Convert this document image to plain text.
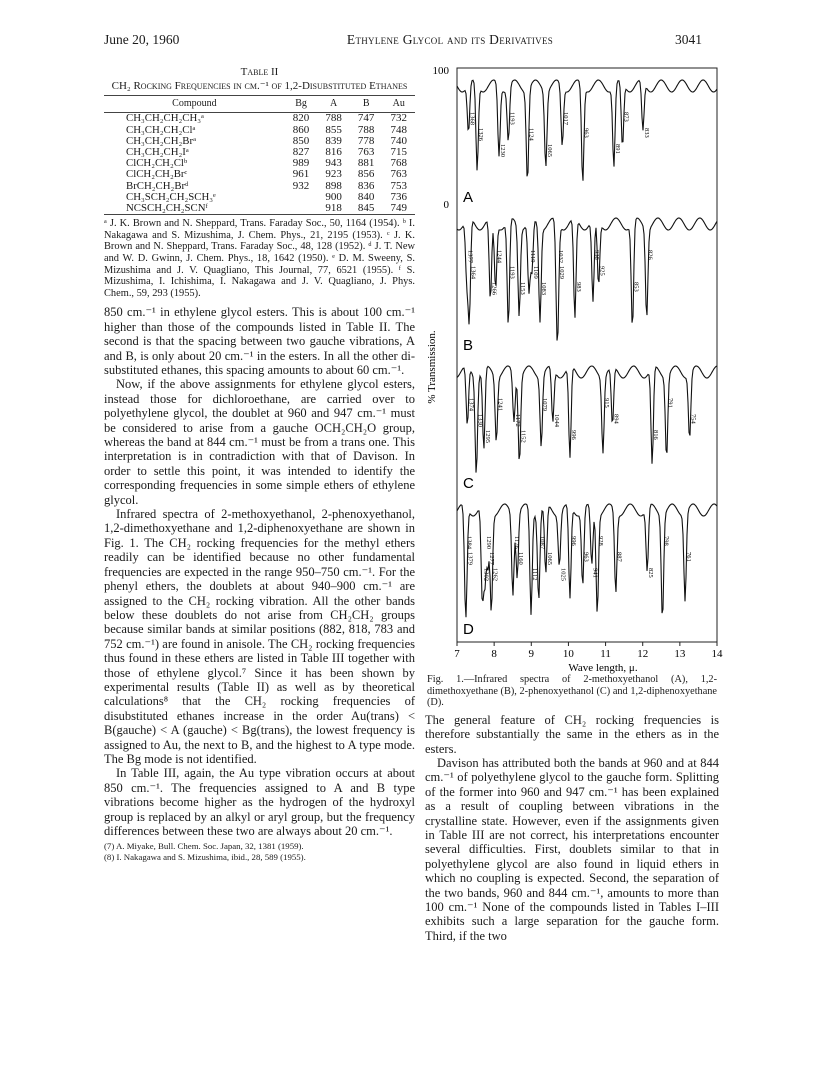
June 20, 1960	Ethylene Glycol and its Derivatives	3041
Table II
CH₂ Rocking Frequencies in cm.⁻¹ of 1,2-Disubstituted Ethanes
Compound	Bg	A	B	Au
CH₃CH₂CH₂CH₃ᵃ	820	788	747	732
CH₃CH₂CH₂Clᵃ	860	855	788	748
CH₃CH₂CH₂Brᵃ	850	839	778	740
CH₃CH₂CH₂Iᵃ	827	816	763	715
ClCH₂CH₂Clᵇ	989	943	881	768
ClCH₂CH₂Brᶜ	961	923	856	763
BrCH₂CH₂Brᵈ	932	898	836	753
CH₃SCH₂CH₂SCH₃ᵉ		900	840	736
NCSCH₂CH₂SCNᶠ		918	845	749
ᵃ J. K. Brown and N. Sheppard, Trans. Faraday Soc., 50, 1164 (1954). ᵇ I. Nakagawa and S. Mizushima, J. Chem. Phys., 21, 2195 (1953). ᶜ J. K. Brown and N. Sheppard, Trans. Faraday Soc., 48, 128 (1952). ᵈ J. T. New and W. D. Gwinn, J. Chem. Phys., 18, 1642 (1950). ᵉ D. M. Sweeny, S. Mizushima and J. V. Quagliano, This Journal, 77, 6521 (1955). ᶠ S. Mizushima, I. Ichishima, I. Nakagawa and J. V. Quagliano, J. Phys. Chem., 59, 293 (1955).

850 cm.⁻¹ in ethylene glycol esters. This is about 100 cm.⁻¹ higher than those of the compounds listed in Table II. The second is that the spacing between two gauche vibrations, A and B, is only about 20 cm.⁻¹ in the esters. In all the other di-substituted ethanes, this spacing amounts to about 60 cm.⁻¹.

Now, if the above assignments for ethylene glycol esters, instead those for dichloroethane, are carried over to polyethylene glycol, the doublet at 960 and 947 cm.⁻¹ must be considered to arise from a gauche OCH₂CH₂O group, whereas the band at 844 cm.⁻¹ must be from a trans one. This interpretation is in contradiction with that of Davison. In order to settle this point, it was intended to identify the corresponding frequencies in some simple ethers of ethylene glycol.

Infrared spectra of 2-methoxyethanol, 2-phenoxyethanol, 1,2-dimethoxyethane and 1,2-diphenoxyethane are shown in Fig. 1. The CH₂ rocking frequencies for the methyl ethers readily can be identified because no other fundamental frequencies are expected in the range 950–750 cm.⁻¹. For the phenyl ethers, the doublets at about 940–900 cm.⁻¹ are assigned to the CH₂ rocking vibration. All the other bands below these doublets do not arise from CH₂CH₂ groups because similar bands at similar positions (882, 818, 783 and 752 cm.⁻¹) are found in anisole. The CH₂ rocking frequencies thus found in these ethers are listed in Table III together with those of ethylene glycol.⁷ Since it has been shown by experimental results (Table II) as well as by theoretical calculations⁸ that the CH₂ rocking frequencies of disubstituted ethanes increase in the order Au(trans) < B(gauche) < A (gauche) < Bg(trans), the lowest frequency is assigned to Au, the next to B, and the highest to A type mode. The Bg mode is not identified.

In Table III, again, the Au type vibration occurs at about 850 cm.⁻¹. The frequencies assigned to A and B type vibrations become higher as the hydrogen of the hydroxyl group is replaced by an alkyl or aryl group, but the frequency differences between these two are always about 20 cm.⁻¹.

(7) A. Miyake, Bull. Chem. Soc. Japan, 32, 1381 (1959).
(8) I. Nakagawa and S. Mizushima, ibid., 28, 589 (1955).
100
0
% Transmission.
1368
1326
1230
1193
1124
1065
1017
963
891
873
833
A
1377
1364
1266
1244
1193
1153
1119
1109
1083
1032
1029
983
938
925
853
826
B
1374
1330
1295
1241
1172
1152
1079
1044
996
915
894
816
791
754
C
1384
1379
1302
1290
1277
1262
1176
1160
1112
1087
1065
1025
996
963
941
928
887
825
798
761
D
7	8	9	10 11 12 13 14
Wave length, μ.
Fig. 1.—Infrared spectra of 2-methoxyethanol (A), 1,2-dimethoxyethane (B), 2-phenoxyethanol (C) and 1,2-diphenoxyethane (D).

The general feature of CH₂ rocking frequencies is therefore substantially the same in the ethers as in the esters.

Davison has attributed both the bands at 960 and at 844 cm.⁻¹ of polyethylene glycol to the gauche form. Splitting of the former into 960 and 947 cm.⁻¹ has been explained as a result of coupling between vibrations in the crystalline state. However, even if the assignments given in Table III are not correct, his interpretations encounter several difficulties. First, doublets similar to that in polyethylene glycol are also found in liquid ethers in which no coupling is expected. Second, the separation of the two bands, 960 and 844 cm.⁻¹, amounts to more than 100 cm.⁻¹ None of the compounds listed in Tables I–III exhibits such a large separation for the gauche form. Third, if the two
